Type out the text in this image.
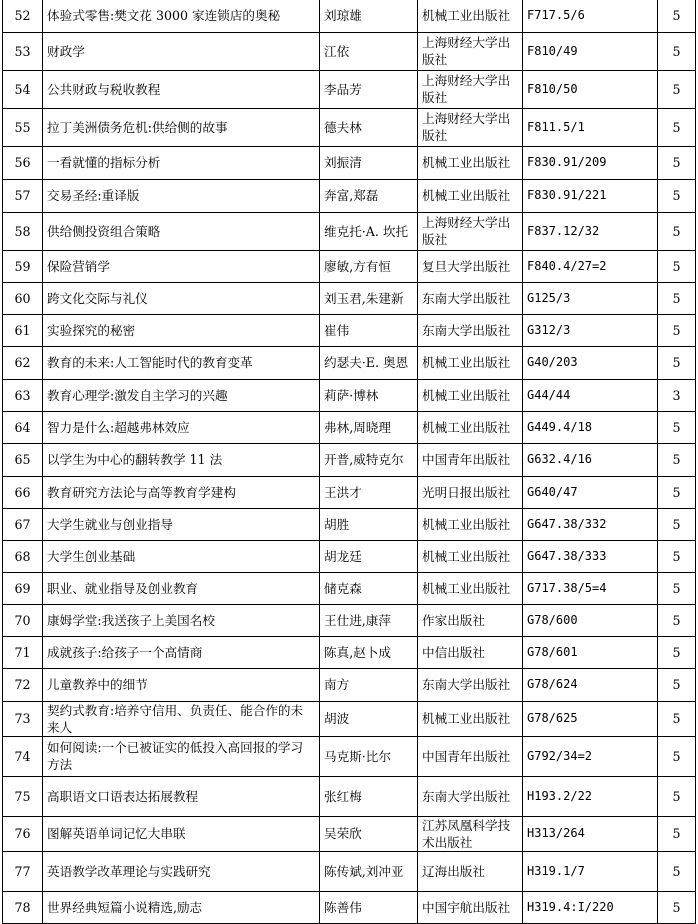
52	体验式零售:樊文花 3000 家连锁店的奥秘	刘琼雄	机械工业出版社	F717.5/6	5
53	财政学	江依	上海财经大学出版社	F810/49	5
54	公共财政与税收教程	李品芳	上海财经大学出版社	F810/50	5
55	拉丁美洲债务危机:供给侧的故事	德夫林	上海财经大学出版社	F811.5/1	5
56	一看就懂的指标分析	刘振清	机械工业出版社	F830.91/209	5
57	交易圣经:重译版	奔富,郑磊	机械工业出版社	F830.91/221	5
58	供给侧投资组合策略	维克托·A. 坎托	上海财经大学出版社	F837.12/32	5
59	保险营销学	廖敏,方有恒	复旦大学出版社	F840.4/27=2	5
60	跨文化交际与礼仪	刘玉君,朱建新	东南大学出版社	G125/3	5
61	实验探究的秘密	崔伟	东南大学出版社	G312/3	5
62	教育的未来:人工智能时代的教育变革	约瑟夫·E. 奥恩	机械工业出版社	G40/203	5
63	教育心理学:激发自主学习的兴趣	莉萨·博林	机械工业出版社	G44/44	3
64	智力是什么:超越弗林效应	弗林,周晓理	机械工业出版社	G449.4/18	5
65	以学生为中心的翻转教学 11 法	开普,威特克尔	中国青年出版社	G632.4/16	5
66	教育研究方法论与高等教育学建构	王洪才	光明日报出版社	G640/47	5
67	大学生就业与创业指导	胡胜	机械工业出版社	G647.38/332	5
68	大学生创业基础	胡龙廷	机械工业出版社	G647.38/333	5
69	职业、就业指导及创业教育	储克森	机械工业出版社	G717.38/5=4	5
70	康姆学堂:我送孩子上美国名校	王仕进,康萍	作家出版社	G78/600	5
71	成就孩子:给孩子一个高情商	陈真,赵卜成	中信出版社	G78/601	5
72	儿童教养中的细节	南方	东南大学出版社	G78/624	5
73	契约式教育:培养守信用、负责任、能合作的未来人	胡波	机械工业出版社	G78/625	5
74	如何阅读:一个已被证实的低投入高回报的学习方法	马克斯·比尔	中国青年出版社	G792/34=2	5
75	高职语文口语表达拓展教程	张红梅	东南大学出版社	H193.2/22	5
76	图解英语单词记忆大串联	吴荣欣	江苏凤凰科学技术出版社	H313/264	5
77	英语教学改革理论与实践研究	陈传斌,刘冲亚	辽海出版社	H319.1/7	5
78	世界经典短篇小说精选,励志	陈善伟	中国宇航出版社	H319.4:I/220	5
